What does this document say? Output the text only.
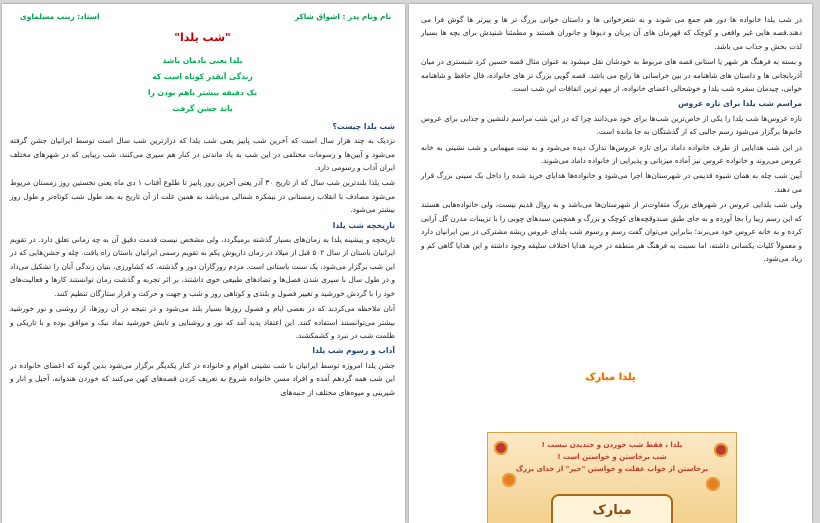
در شب یلدا خانواده ها دور هم جمع می شوند و به شعرخوانی ها و داستان خوانی بزرگ تر ها و پیرتر ها گوش فرا می دهند.قصه هایی غیر واقعی و کوچک که قهرمان های آن پریان و دیوها و جانوران هستند و مطمئنا شنیدش برای بچه ها بسیار لذت بخش و جذاب می باشد.

و بسته به فرهنگ هر شهر یا استانی قصه های مربوط به خودشان نقل میشود به عنوان مثال قصه حسین کرد شبستری در میان آذربایجانی ها و داستان های شاهنامه در بین خراسانی ها رایج می باشد. قصه گویی بزرگ تر های خانواده، فال حافظ و شاهنامه خوانی، چیدمان سفره شب یلدا و خوشحالی اعضای خانواده، از مهم ترین اتفاقات این شب است.

مراسم شب یلدا برای تازه عروس

تازه عروس‌ها شب یلدا را یکی از خاص‌ترین شب‌ها برای خود می‌دانند چرا که در این شب مراسم دلنشین و جذابی برای عروس خانم‌ها برگزار می‌شود رسم جالبی که از گذشتگان به جا مانده است.

در این شب هدایایی از طرف خانواده داماد برای تازه عروس‌ها تدارک دیده می‌شود و به نیت میهمانی و شب نشینی به خانه عروس می‌روند و خانواده عروس نیز آماده میزبانی و پذیرایی از خانواده داماد می‌شوند.

آیین شب چله به همان شیوه قدیمی در شهرستان‌ها اجرا می‌شود و خانواده‌ها هدایای خرید شده را داخل یک سینی بزرگ قرار می دهند.

ولی شب یلدایی عروس در شهرهای بزرگ متفاوت‌تر از شهرستان‌ها می‌باشد و به روال قدیم نیست، ولی خانواده‌هایی هستند که این رسم زیبا را بجا آورده و به جای طبق صندوقچه‌های کوچک و بزرگ و همچنین سبدهای چوبی را با تزیینات مدرن گل آرایی کرده و به خانه عروس خود می‌برند؛ بنابراین می‌توان گفت رسم و رسوم شب یلدای عروس ریشه مشترکی در بین ایرانیان دارد و معمولاً کلیات یکسانی داشته، اما نسبت به فرهنگ هر منطقه در خرید هدایا اختلاف سلیقه وجود داشته و این هدایا گاهی کم و زیاد می‌شود.

یلدا مبارک
یلدا ، فقط شب خوردن و خندیدن نیست !
شب برخاستن و خواستن است !
برخاستن از خواب غفلت و خواستن "خیر" از خدای بزرگ
مبارک
نام ونام پدر : اشواق شاکر
استاد: زینب مسلماوی
"شب یلدا"
یلدا یعنی یادمان باشد
زندگی آنقدر کوتاه است که
یک دقیقه بیشتر باهم بودن را
باید جشن گرفت
شب یلدا چیست؟

نزدیک به چند هزار سال است که آخرین شب پاییز یعنی شب یلدا که درازترین شب سال است توسط ایرانیان جشن گرفته می‌شود و آیین‌ها و رسومات مختلفی در این شب به یاد ماندنی در کنار هم سپری می‌کنند، شب زیبایی که در شهرهای مختلف ایران آداب و رسومی دارد.

شب یلدا بلندترین شب سال که از تاریخ ۳۰ آذر یعنی آخرین روز پاییز تا طلوع آفتاب ۱ دی ماه یعنی نخستین روز زمستان مریوط می‌شود مصادف با انقلاب زمستانی در نیمکره شمالی می‌باشد به همین علت از آن تاریخ به بعد طول شب کوتاه‌تر و طول روز بیشتر می‌شود.

تاریخچه شب یلدا

تاریخچه و پیشینه یلدا به زمان‌های بسیار گذشته برمیگردد، ولی مشخص نیست قدمت دقیق آن به چه زمانی تعلق دارد. در تقویم ایرانیان باستان از سال ۵۰۲ قبل از میلاد در زمان داریوش یکم به تقویم رسمی ایرانیان باستان راه یافت. چله و جشن‌هایی که در این شب برگزار می‌شود، یک سنت باستانی است. مردم روزگاران دور و گذشته، که کشاورزی، بنیان زندگی آنان را تشکیل می‌داد و در طول سال با سپری شدن فصل‌ها و تضادهای طبیعی خوی داشتند، بر اثر تجربه و گذشت زمان توانستند کارها و فعالیت‌های خود را با گردش خورشید و تغییر فصول و بلندی و کوتاهی روز و شب و جهت و حرکت و قرار ستارگان تنظیم کنند.

آنان ملاحظه می‌کردند که در بعضی ایام و فصول روزها بسیار بلند می‌شود و در نتیجه در آن روزها، از روشنی و نور خورشید بیشتر می‌توانستند استفاده کنند. این اعتقاد پدید آمد که نور و روشنایی و تابش خورشید نماد نیک و موافق بوده و با تاریکی و ظلمت شب در نبرد و کشمکشند.

آداب و رسوم شب یلدا

جشن یلدا امروزه توسط ایرانیان با شب نشینی اقوام و خانواده در کنار یکدیگر برگزار می‌شود بدین گونه که اعضای خانواده در این شب همه گردهم آمده و افراد مسن خانواده شروع به تعریف کردن قصه‌های کهن می‌کنند که خوردن هندوانه، آجیل و انار و شیرینی و میوه‌های مختلف از جنبه‌های
